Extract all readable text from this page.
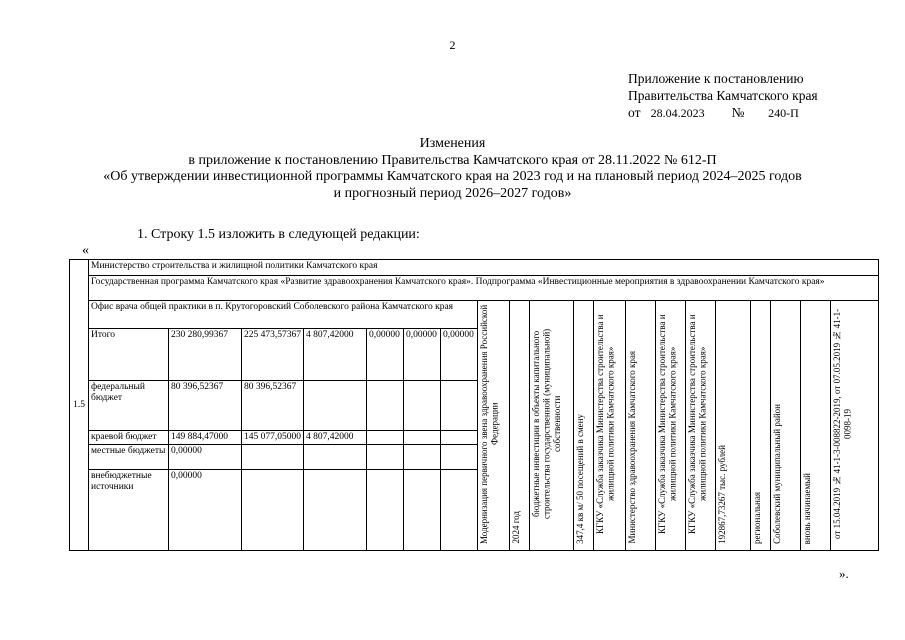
2
Приложение к постановлению
Правительства Камчатского края
от 28.04.2023 № 240-П
Изменения
в приложение к постановлению Правительства Камчатского края от 28.11.2022 № 612-П
«Об утверждении инвестиционной программы Камчатского края на 2023 год и на плановый период 2024–2025 годов
и прогнозный период 2026–2027 годов»
1. Строку 1.5 изложить в следующей редакции:
«
1.5	Министерство строительства и жилищной политики Камчатского края																			
	Государственная программа Камчатского края «Развитие здравоохранения Камчатского края». Подпрограмма «Инвестиционные мероприятия в здравоохранении Камчатского края»																			
	Офис врача общей практики в п. Крутогоровский Соболевского района Камчатского края							Модернизация первичного звена здравоохранения Российской Федерации	2024 год	бюджетные инвестиции в объекты капитального строительства государственной (муниципальной) собственности	347,4 кв м/ 50 посещений в смену	КГКУ «Служба заказчика Министерства строительства и жилищной политики Камчатского края»	Министерство здравоохранения Камчатского края	КГКУ «Служба заказчика Министерства строительства и жилищной политики Камчатского края»	КГКУ «Служба заказчика Министерства строительства и жилищной политики Камчатского края»	192867,73267 тыс. рублей	региональная	Соболевский муниципальный район	вновь начинаемый	от 15.04.2019 № 41-1-3-008822-2019, от 07.05.2019 № 41-1-0098-19
	Итого	230 280,99367	225 473,57367	4 807,42000	0,00000	0,00000	0,00000													
	федеральный бюджет	80 396,52367	80 396,52367																	
	краевой бюджет	149 884,47000	145 077,05000	4 807,42000																
	местные бюджеты	0,00000																		
	внебюджетные источники	0,00000																		
».
